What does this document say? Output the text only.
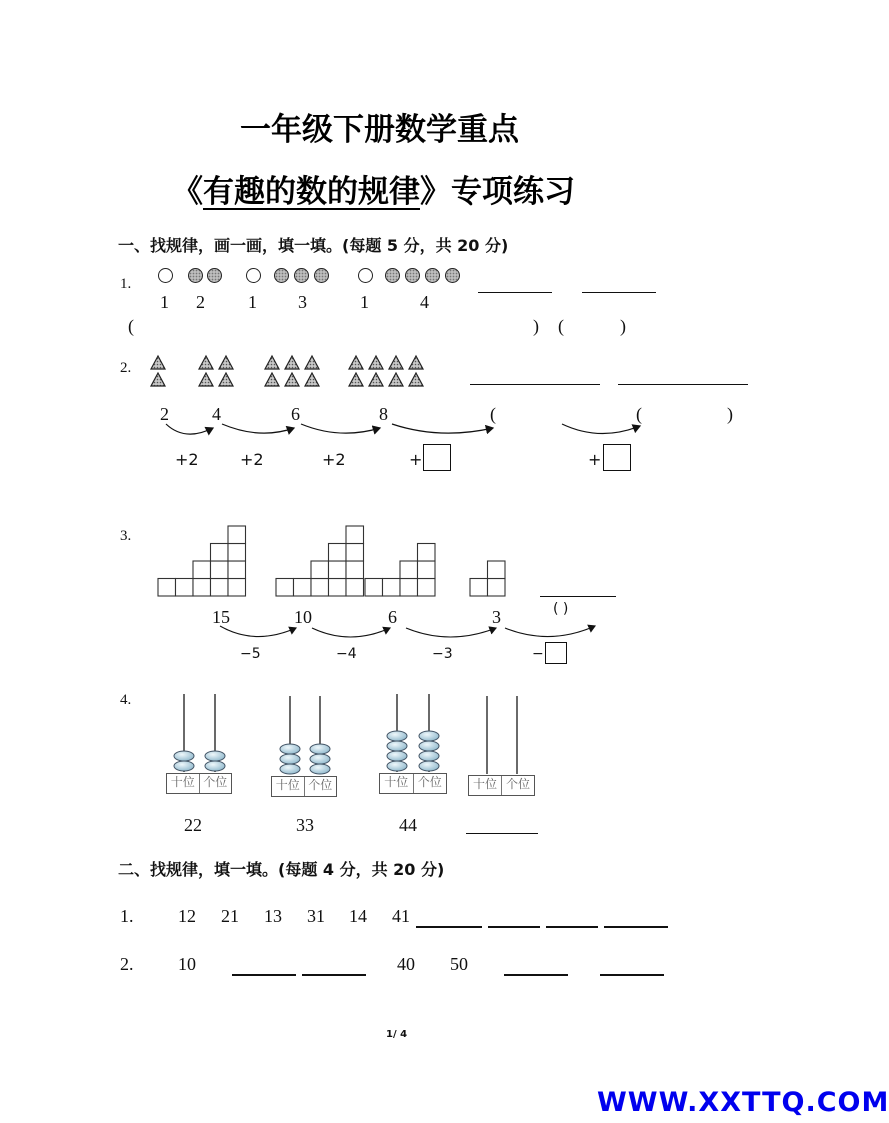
一年级下册数学重点
《有趣的数的规律》专项练习
一、找规律，画一画，填一填。(每题 5 分，共 20 分)
1.
1 2 1 3	1	4
(	) (	)
2.
2 4	6	8	(	(	)
+2	+2	+2	+	+
3.
( )
15	10	6	3
−5	−4	−3	−
4.
十位 个位	十位 个位	十位 个位	十位 个位
22	33	44
二、找规律，填一填。(每题 4 分，共 20 分)
1. 12 21 13 31 14 41
2. 10	40 50
1/ 4
WWW.XXTTQ.COM
